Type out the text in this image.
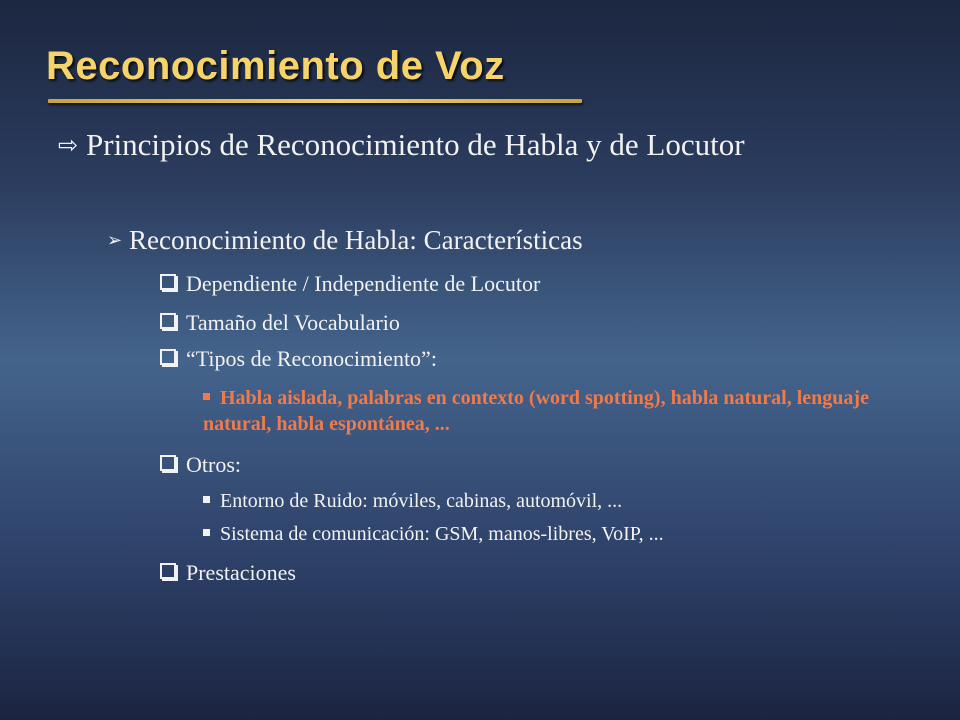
Reconocimiento de Voz
⇨ Principios de Reconocimiento de Habla y de Locutor
➢ Reconocimiento de Habla: Características
Dependiente / Independiente de Locutor
Tamaño del Vocabulario
“Tipos de Reconocimiento”:
Habla aislada, palabras en contexto (word spotting), habla natural, lenguaje natural, habla espontánea, ...
Otros:
Entorno de Ruido: móviles, cabinas, automóvil, ...
Sistema de comunicación: GSM, manos-libres, VoIP, ...
Prestaciones
